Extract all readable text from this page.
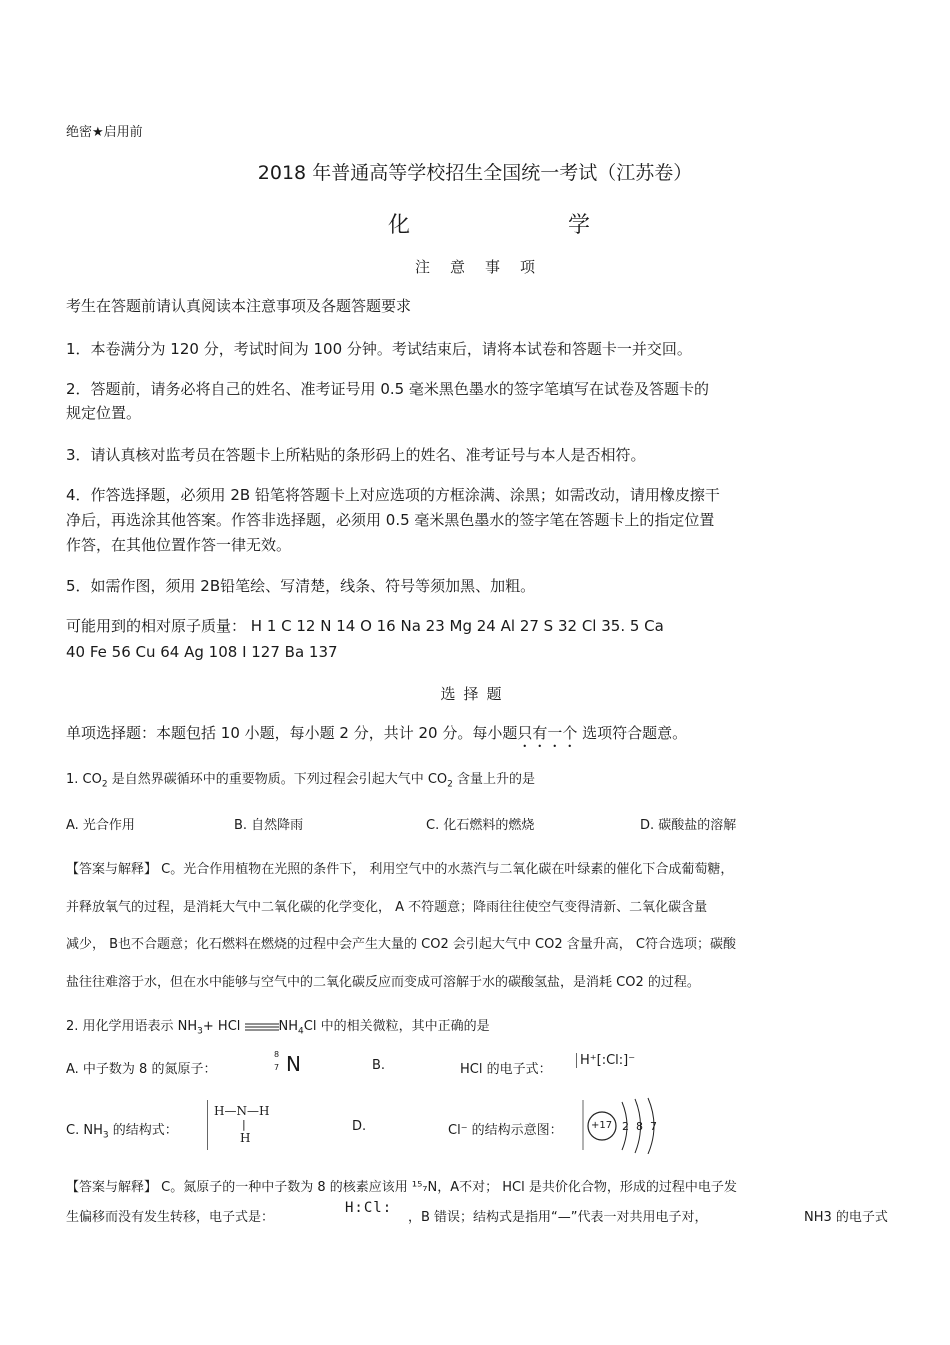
绝密★启用前
2018 年普通高等学校招生全国统一考试（江苏卷）
化	学
注意事项
考生在答题前请认真阅读本注意事项及各题答题要求
1．本卷满分为 120 分，考试时间为 100 分钟。考试结束后，请将本试卷和答题卡一并交回。
2．答题前，请务必将自己的姓名、准考证号用 0.5 毫米黑色墨水的签字笔填写在试卷及答题卡的
规定位置。
3．请认真核对监考员在答题卡上所粘贴的条形码上的姓名、准考证号与本人是否相符。
4．作答选择题，必须用 2B 铅笔将答题卡上对应选项的方框涂满、涂黑；如需改动，请用橡皮擦干
净后，再选涂其他答案。作答非选择题，必须用 0.5 毫米黑色墨水的签字笔在答题卡上的指定位置
作答，在其他位置作答一律无效。
5．如需作图，须用 2B铅笔绘、写清楚，线条、符号等须加黑、加粗。
可能用到的相对原子质量： H 1 C 12 N 14 O 16 Na 23 Mg 24 Al 27 S 32 Cl 35. 5 Ca
40 Fe 56 Cu 64 Ag 108 I 127 Ba 137
选择题
单项选择题：本题包括 10 小题，每小题 2 分，共计 20 分。每小题只有一个 选项符合题意。
1. $CO_2$ 是自然界碳循环中的重要物质。下列过程会引起大气中 $CO_2$ 含量上升的是
A. 光合作用	B. 自然降雨	C. 化石燃料的燃烧	D. 碳酸盐的溶解
【答案与解释】 C。光合作用植物在光照的条件下， 利用空气中的水蒸汽与二氧化碳在叶绿素的催化下合成葡萄糖，
并释放氧气的过程，是消耗大气中二氧化碳的化学变化， A 不符题意；降雨往往使空气变得清新、二氧化碳含量
减少， B也不合题意；化石燃料在燃烧的过程中会产生大量的 CO2 会引起大气中 CO2 含量升高， C符合选项；碳酸
盐往往难溶于水，但在水中能够与空气中的二氧化碳反应而变成可溶解于水的碳酸氢盐，是消耗 CO2 的过程。
2. 用化学用语表示 $NH_3+$ HCl	$NH_4Cl$ 中的相关微粒，其中正确的是
A. 中子数为 8 的氮原子：
8
7 N	B.	HCl 的电子式：
H⁺[:Cl:]⁻
C. $NH_3$ 的结构式：
H—N—H
|
H
D.	Cl⁻ 的结构示意图：	+17 2 8 7
【答案与解释】 C。氮原子的一种中子数为 8 的核素应该用 ¹⁵₇N，A不对； HCl 是共价化合物，形成的过程中电子发
生偏移而没有发生转移，电子式是：
H:Cl:
，B 错误；结构式是指用“—”代表一对共用电子对，	NH3 的电子式
